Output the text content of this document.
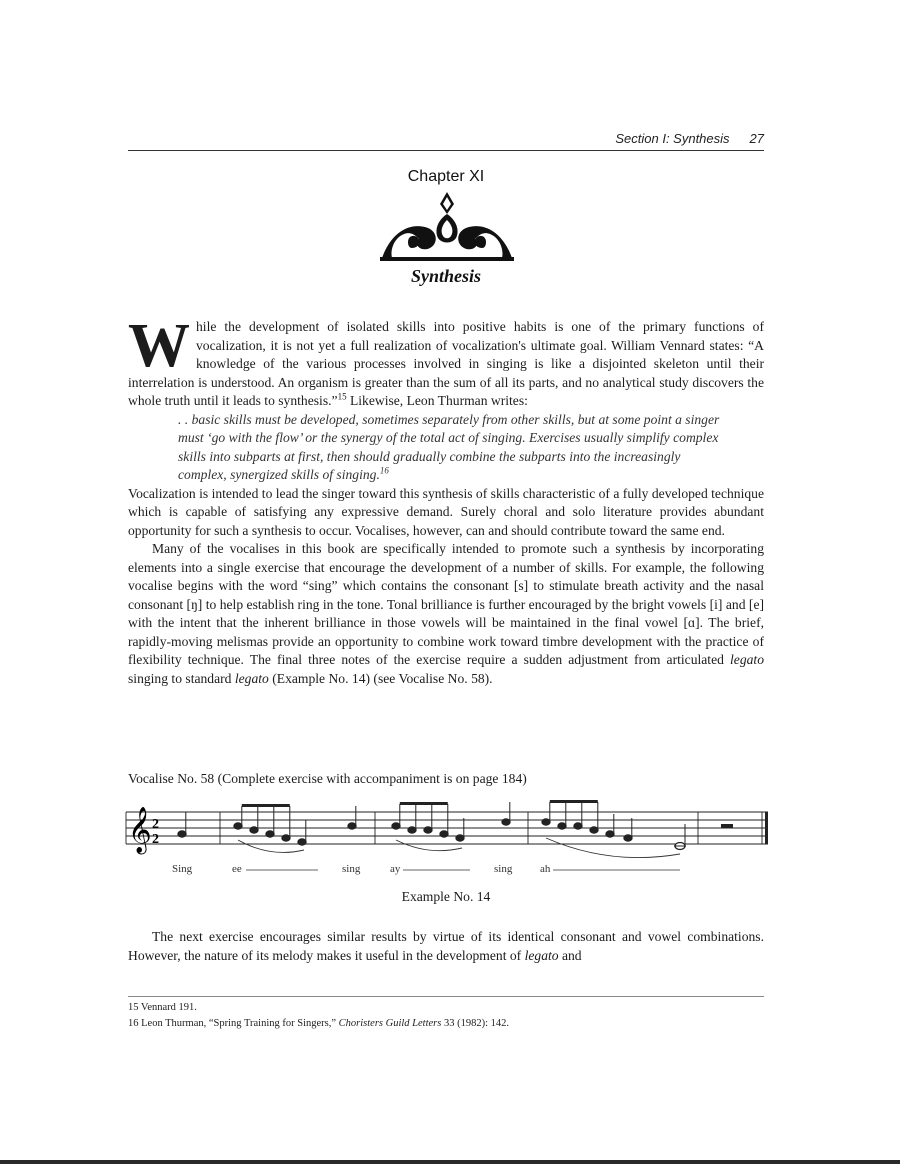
Section I: Synthesis 27
Chapter XI
Synthesis

While the development of isolated skills into positive habits is one of the primary functions of vocalization, it is not yet a full realization of vocalization's ultimate goal. William Vennard states: “A knowledge of the various processes involved in singing is like a disjointed skeleton until their interrelation is understood. An organism is greater than the sum of all its parts, and no analytical study discovers the whole truth until it leads to synthesis.”$^{15}$ Likewise, Leon Thurman writes:

. . basic skills must be developed, sometimes separately from other skills, but at some point a singer must ‘go with the flow’ or the synergy of the total act of singing. Exercises usually simplify complex skills into subparts at first, then should gradually combine the subparts into the increasingly complex, synergized skills of singing.$^{16}$

Vocalization is intended to lead the singer toward this synthesis of skills characteristic of a fully developed technique which is capable of satisfying any expressive demand. Surely choral and solo literature provides abundant opportunity for such a synthesis to occur. Vocalises, however, can and should contribute toward the same end.

Many of the vocalises in this book are specifically intended to promote such a synthesis by incorporating elements into a single exercise that encourage the development of a number of skills. For example, the following vocalise begins with the word “sing” which contains the consonant [s] to stimulate breath activity and the nasal consonant [ŋ] to help establish ring in the tone. Tonal brilliance is further encouraged by the bright vowels [i] and [e] with the intent that the inherent brilliance in those vowels will be maintained in the final vowel [ɑ]. The brief, rapidly-moving melismas provide an opportunity to combine work toward timbre development with the practice of flexibility technique. The final three notes of the exercise require a sudden adjustment from articulated legato singing to standard legato (Example No. 14) (see Vocalise No. 58).

Vocalise No. 58 (Complete exercise with accompaniment is on page 184)
𝄞 2
2
Sing	ee	sing	ay	sing	ah
Example No. 14
The next exercise encourages similar results by virtue of its identical consonant and vowel combinations. However, the nature of its melody makes it useful in the development of legato and
15 Vennard 191.
16 Leon Thurman, “Spring Training for Singers,” Choristers Guild Letters 33 (1982): 142.
